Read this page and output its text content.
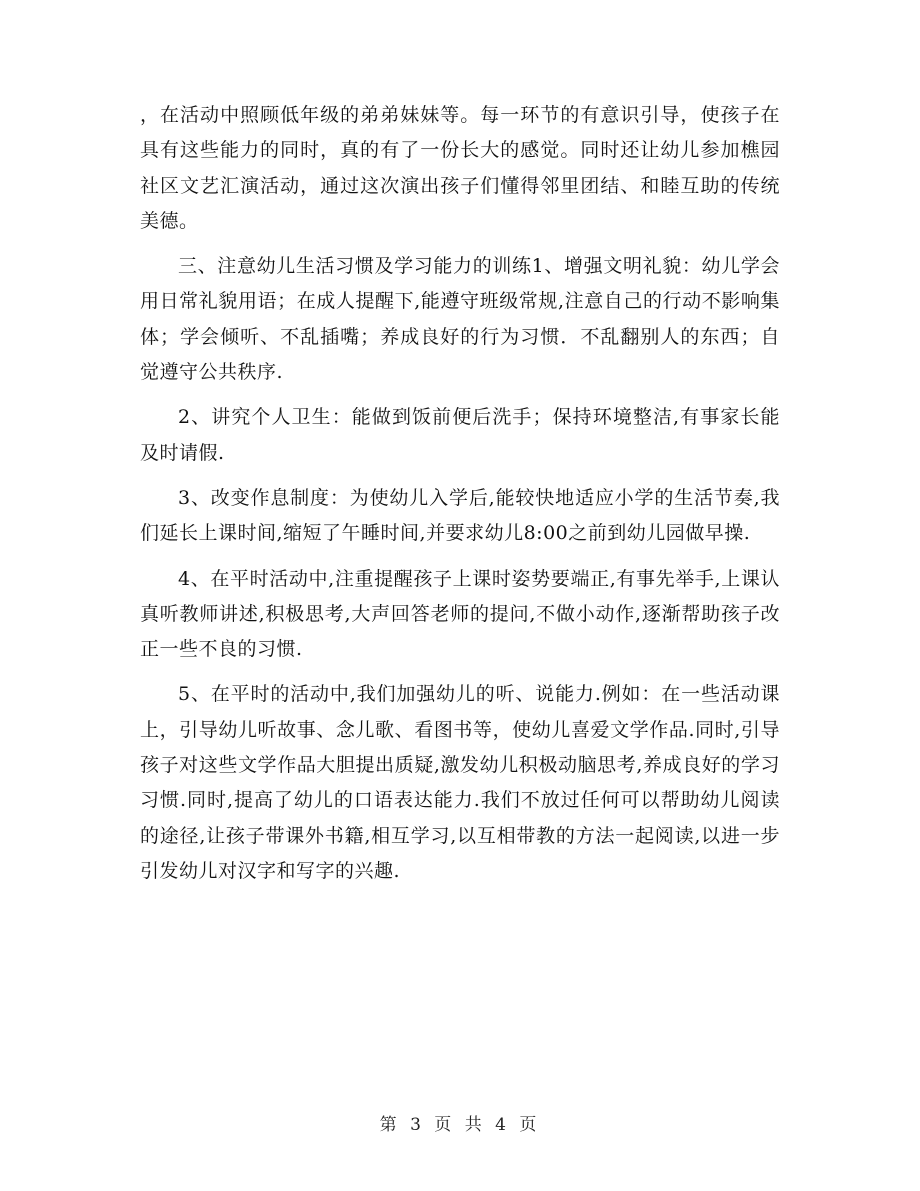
，在活动中照顾低年级的弟弟妹妹等。每一环节的有意识引导，使孩子在具有这些能力的同时，真的有了一份长大的感觉。同时还让幼儿参加樵园社区文艺汇演活动，通过这次演出孩子们懂得邻里团结、和睦互助的传统美德。

三、注意幼儿生活习惯及学习能力的训练1、增强文明礼貌：幼儿学会用日常礼貌用语；在成人提醒下,能遵守班级常规,注意自己的行动不影响集体；学会倾听、不乱插嘴；养成良好的行为习惯．不乱翻别人的东西；自觉遵守公共秩序.

2、讲究个人卫生：能做到饭前便后洗手；保持环境整洁,有事家长能及时请假.

3、改变作息制度：为使幼儿入学后,能较快地适应小学的生活节奏,我们延长上课时间,缩短了午睡时间,并要求幼儿8:00之前到幼儿园做早操.

4、在平时活动中,注重提醒孩子上课时姿势要端正,有事先举手,上课认真听教师讲述,积极思考,大声回答老师的提问,不做小动作,逐渐帮助孩子改正一些不良的习惯.

5、在平时的活动中,我们加强幼儿的听、说能力.例如：在一些活动课上，引导幼儿听故事、念儿歌、看图书等，使幼儿喜爱文学作品.同时,引导孩子对这些文学作品大胆提出质疑,激发幼儿积极动脑思考,养成良好的学习习惯.同时,提高了幼儿的口语表达能力.我们不放过任何可以帮助幼儿阅读的途径,让孩子带课外书籍,相互学习,以互相带教的方法一起阅读,以进一步引发幼儿对汉字和写字的兴趣.

第 3 页 共 4 页
